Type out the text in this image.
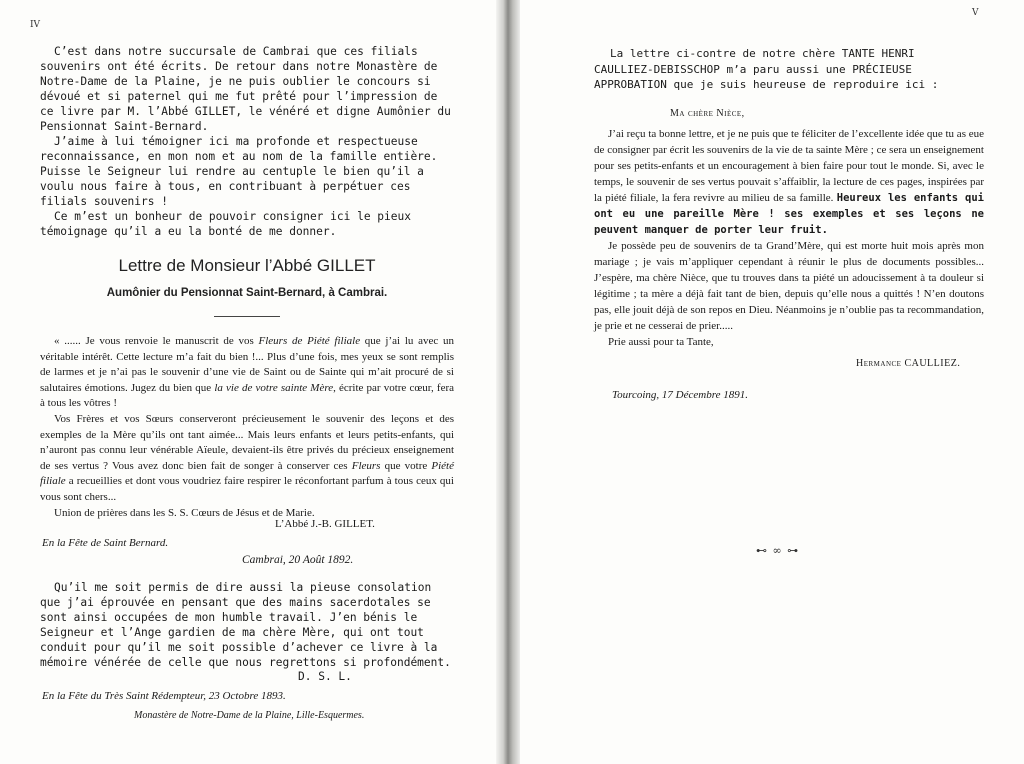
IV

C’est dans notre succursale de Cambrai que ces filials souvenirs ont été écrits. De retour dans notre Monastère de Notre-Dame de la Plaine, je ne puis oublier le concours si dévoué et si paternel qui me fut prêté pour l’impression de ce livre par M. l’Abbé GILLET, le vénéré et digne Aumônier du Pensionnat Saint-Bernard.

J’aime à lui témoigner ici ma profonde et respectueuse reconnaissance, en mon nom et au nom de la famille entière. Puisse le Seigneur lui rendre au centuple le bien qu’il a voulu nous faire à tous, en contribuant à perpétuer ces filials souvenirs !

Ce m’est un bonheur de pouvoir consigner ici le pieux témoignage qu’il a eu la bonté de me donner.

Lettre de Monsieur l’Abbé GILLET
Aumônier du Pensionnat Saint-Bernard, à Cambrai.

« ...... Je vous renvoie le manuscrit de vos Fleurs de Piété filiale que j’ai lu avec un véritable intérêt. Cette lecture m’a fait du bien !... Plus d’une fois, mes yeux se sont remplis de larmes et je n’ai pas le souvenir d’une vie de Saint ou de Sainte qui m’ait procuré de si salutaires émotions. Jugez du bien que la vie de votre sainte Mère, écrite par votre cœur, fera à tous les vôtres !

Vos Frères et vos Sœurs conserveront précieusement le souvenir des leçons et des exemples de la Mère qu’ils ont tant aimée... Mais leurs enfants et leurs petits-enfants, qui n’auront pas connu leur vénérable Aïeule, devaient-ils être privés du précieux enseignement de ses vertus ? Vous avez donc bien fait de songer à conserver ces Fleurs que votre Piété filiale a recueillies et dont vous voudriez faire respirer le réconfortant parfum à tous ceux qui vous sont chers...

Union de prières dans les S. S. Cœurs de Jésus et de Marie.

L’Abbé J.-B. GILLET.
En la Fête de Saint Bernard.
Cambrai, 20 Août 1892.

Qu’il me soit permis de dire aussi la pieuse consolation que j’ai éprouvée en pensant que des mains sacerdotales se sont ainsi occupées de mon humble travail. J’en bénis le Seigneur et l’Ange gardien de ma chère Mère, qui ont tout conduit pour qu’il me soit possible d’achever ce livre à la mémoire vénérée de celle que nous regrettons si profondément.

D. S. L.
En la Fête du Très Saint Rédempteur, 23 Octobre 1893.
Monastère de Notre-Dame de la Plaine, Lille-Esquermes.
V
La lettre ci-contre de notre chère TANTE HENRI CAULLIEZ-DEBISSCHOP m’a paru aussi une PRÉCIEUSE APPROBATION que je suis heureuse de reproduire ici :
Ma chère Nièce,

J’ai reçu ta bonne lettre, et je ne puis que te féliciter de l’excellente idée que tu as eue de consigner par écrit les souvenirs de la vie de ta sainte Mère ; ce sera un enseignement pour ses petits-enfants et un encouragement à bien faire pour tout le monde. Si, avec le temps, le souvenir de ses vertus pouvait s’affaiblir, la lecture de ces pages, inspirées par la piété filiale, la fera revivre au milieu de sa famille. Heureux les enfants qui ont eu une pareille Mère ! ses exemples et ses leçons ne peuvent manquer de porter leur fruit.

Je possède peu de souvenirs de ta Grand’Mère, qui est morte huit mois après mon mariage ; je vais m’appliquer cependant à réunir le plus de documents possibles... J’espère, ma chère Nièce, que tu trouves dans ta piété un adoucissement à ta douleur si légitime ; ta mère a déjà fait tant de bien, depuis qu’elle nous a quittés ! N’en doutons pas, elle jouit déjà de son repos en Dieu. Néanmoins je n’oublie pas ta recommandation, je prie et ne cesserai de prier.....

Prie aussi pour ta Tante,

Hermance CAULLIEZ.
Tourcoing, 17 Décembre 1891.
⊷ ∞ ⊶
